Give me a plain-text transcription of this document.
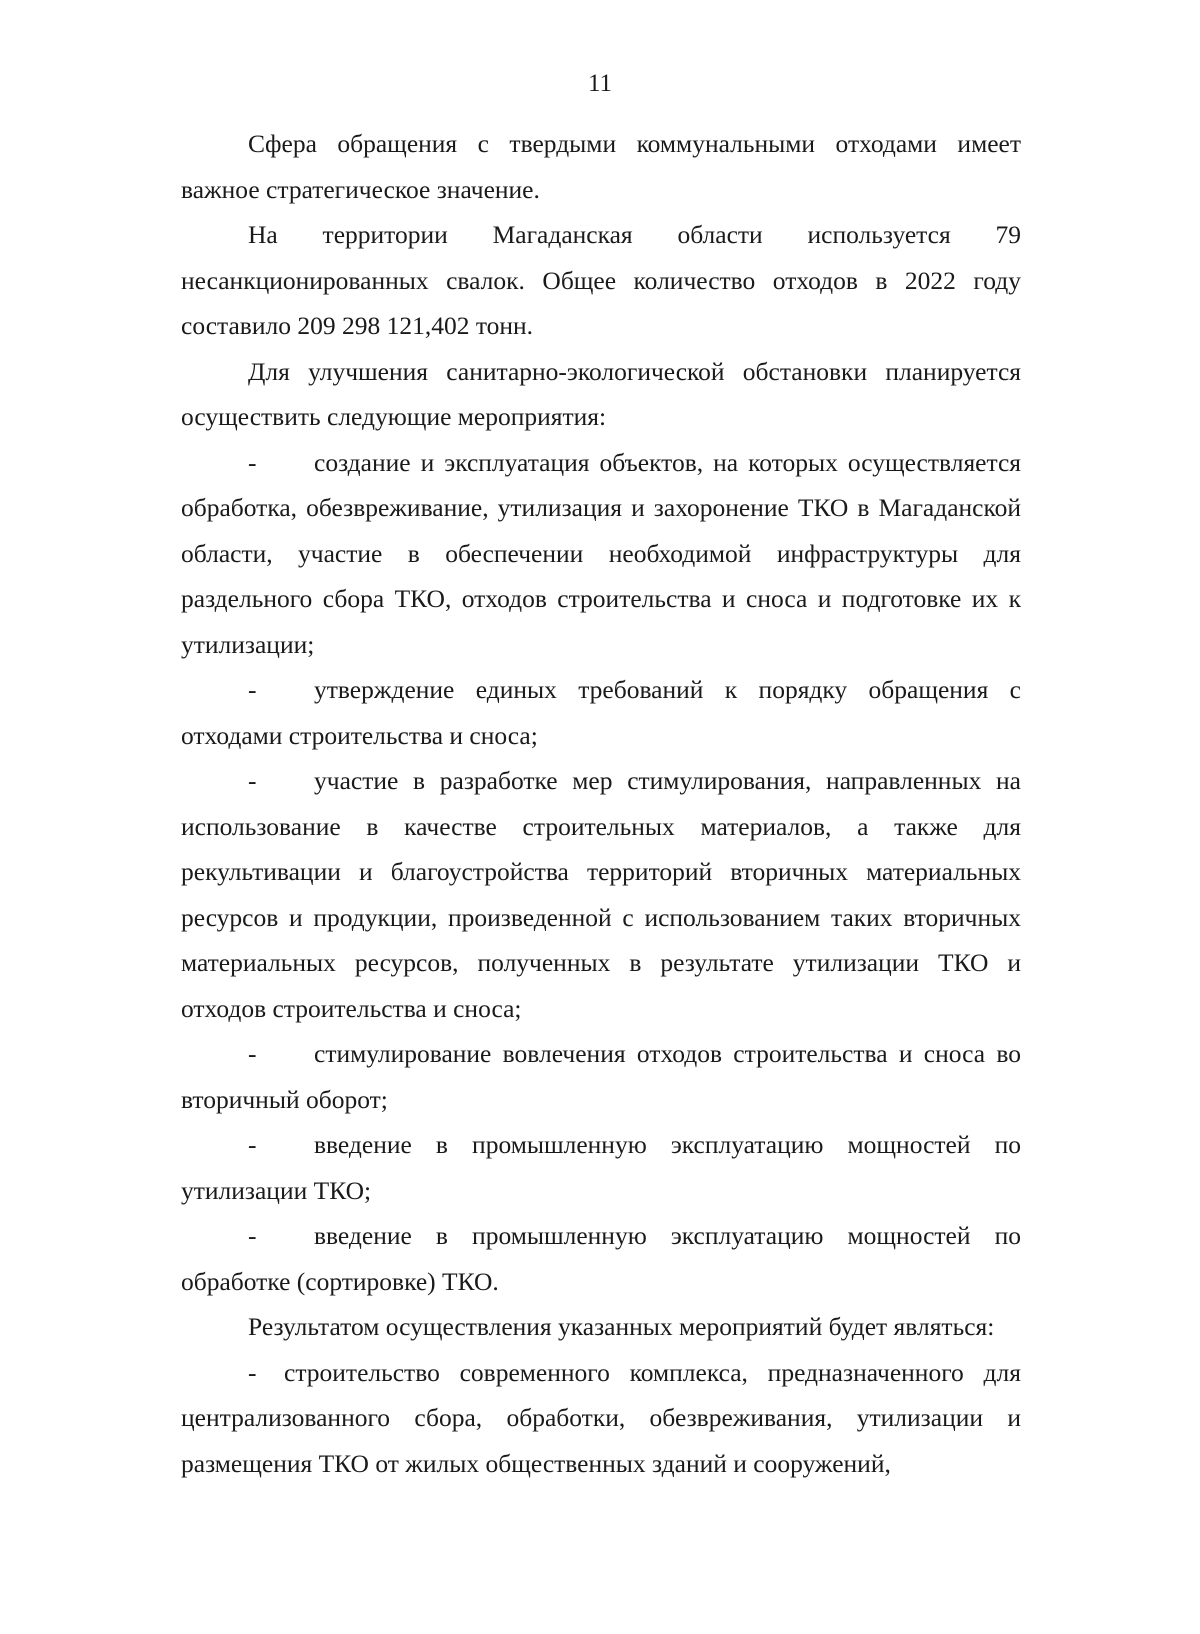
11

Сфера обращения с твердыми коммунальными отходами имеет важное стратегическое значение.

На территории Магаданская области используется 79 несанкционированных свалок. Общее количество отходов в 2022 году составило 209 298 121,402 тонн.

Для улучшения санитарно-экологической обстановки планируется осуществить следующие мероприятия:

- создание и эксплуатация объектов, на которых осуществляется обработка, обезвреживание, утилизация и захоронение ТКО в Магаданской области, участие в обеспечении необходимой инфраструктуры для раздельного сбора ТКО, отходов строительства и сноса и подготовке их к утилизации;

- утверждение единых требований к порядку обращения с отходами строительства и сноса;

- участие в разработке мер стимулирования, направленных на использование в качестве строительных материалов, а также для рекультивации и благоустройства территорий вторичных материальных ресурсов и продукции, произведенной с использованием таких вторичных материальных ресурсов, полученных в результате утилизации ТКО и отходов строительства и сноса;

- стимулирование вовлечения отходов строительства и сноса во вторичный оборот;

- введение в промышленную эксплуатацию мощностей по утилизации ТКО;

- введение в промышленную эксплуатацию мощностей по обработке (сортировке) ТКО.

Результатом осуществления указанных мероприятий будет являться:

- строительство современного комплекса, предназначенного для централизованного сбора, обработки, обезвреживания, утилизации и размещения ТКО от жилых общественных зданий и сооружений,
